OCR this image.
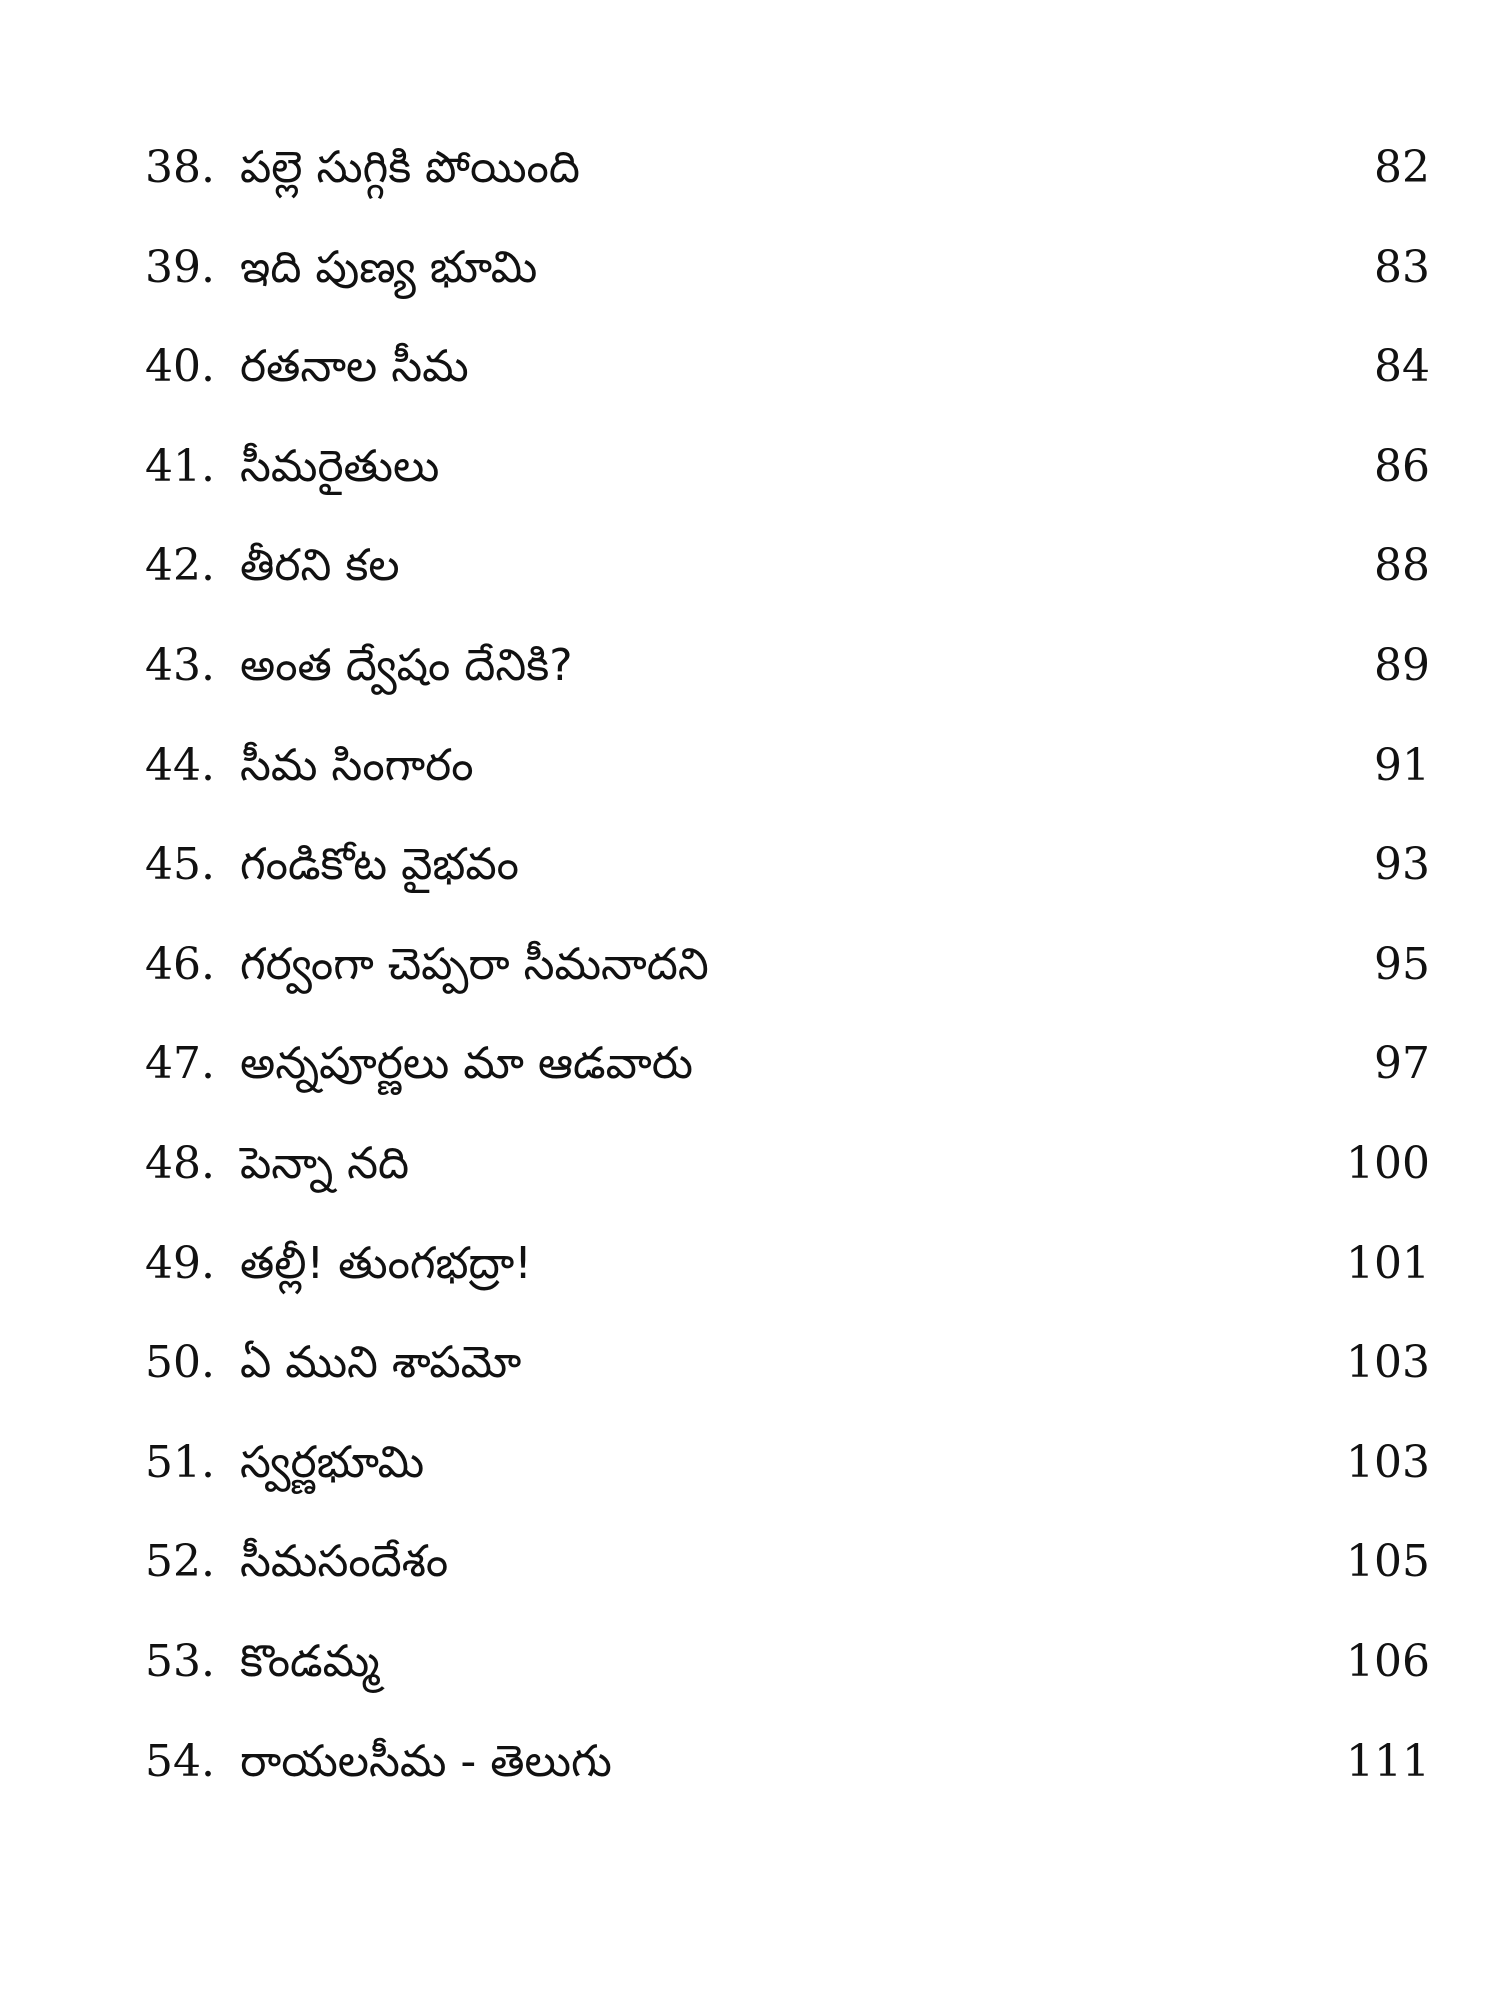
38. పల్లె సుగ్గికి పోయింది	82
39. ఇది పుణ్య భూమి	83
40. రతనాల సీమ	84
41. సీమరైతులు	86
42. తీరని కల	88
43. అంత ద్వేషం దేనికి?	89
44. సీమ సింగారం	91
45. గండికోట వైభవం	93
46. గర్వంగా చెప్పరా సీమనాదని	95
47. అన్నపూర్ణలు మా ఆడవారు	97
48. పెన్నా నది	100
49. తల్లీ! తుంగభద్రా!	101
50. ఏ ముని శాపమో	103
51. స్వర్ణభూమి	103
52. సీమసందేశం	105
53. కొండమ్మ	106
54. రాయలసీమ - తెలుగు	111
